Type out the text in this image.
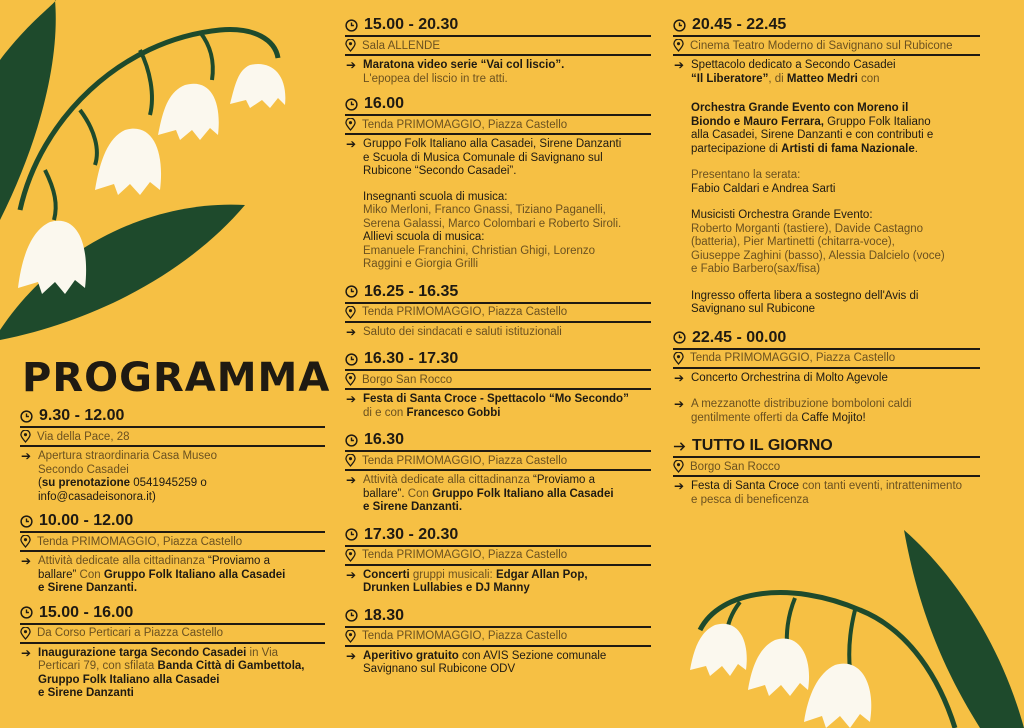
PROGRAMMA
9.30 - 12.00
Via della Pace, 28
➔ Apertura straordinaria Casa Museo
Secondo Casadei
(su prenotazione 0541945259 o
info@casadeisonora.it)
10.00 - 12.00
Tenda PRIMOMAGGIO, Piazza Castello
➔ Attività dedicate alla cittadinanza “Proviamo a
ballare” Con Gruppo Folk Italiano alla Casadei
e Sirene Danzanti.
15.00 - 16.00
Da Corso Perticari a Piazza Castello
➔ Inaugurazione targa Secondo Casadei in Via
Perticari 79, con sfilata Banda Città di Gambettola,
Gruppo Folk Italiano alla Casadei
e Sirene Danzanti
15.00 - 20.30
Sala ALLENDE
➔ Maratona video serie “Vai col liscio”.
L'epopea del liscio in tre atti.
16.00
Tenda PRIMOMAGGIO, Piazza Castello
➔ Gruppo Folk Italiano alla Casadei, Sirene Danzanti
e Scuola di Musica Comunale di Savignano sul
Rubicone “Secondo Casadei”.
Insegnanti scuola di musica:
Miko Merloni, Franco Gnassi, Tiziano Paganelli,
Serena Galassi, Marco Colombari e Roberto Siroli.
Allievi scuola di musica:
Emanuele Franchini, Christian Ghigi, Lorenzo
Raggini e Giorgia Grilli
16.25 - 16.35
Tenda PRIMOMAGGIO, Piazza Castello
➔ Saluto dei sindacati e saluti istituzionali
16.30 - 17.30
Borgo San Rocco
➔ Festa di Santa Croce - Spettacolo “Mo Secondo”
di e con Francesco Gobbi
16.30
Tenda PRIMOMAGGIO, Piazza Castello
➔ Attività dedicate alla cittadinanza “Proviamo a
ballare”. Con Gruppo Folk Italiano alla Casadei
e Sirene Danzanti.
17.30 - 20.30
Tenda PRIMOMAGGIO, Piazza Castello
➔ Concerti gruppi musicali: Edgar Allan Pop,
Drunken Lullabies e DJ Manny
18.30
Tenda PRIMOMAGGIO, Piazza Castello
➔ Aperitivo gratuito con AVIS Sezione comunale
Savignano sul Rubicone ODV
20.45 - 22.45
Cinema Teatro Moderno di Savignano sul Rubicone
➔ Spettacolo dedicato a Secondo Casadei
“Il Liberatore”, di Matteo Medri con
Orchestra Grande Evento con Moreno il
Biondo e Mauro Ferrara, Gruppo Folk Italiano
alla Casadei, Sirene Danzanti e con contributi e
partecipazione di Artisti di fama Nazionale.
Presentano la serata:
Fabio Caldari e Andrea Sarti
Musicisti Orchestra Grande Evento:
Roberto Morganti (tastiere), Davide Castagno
(batteria), Pier Martinetti (chitarra-voce),
Giuseppe Zaghini (basso), Alessia Dalcielo (voce)
e Fabio Barbero(sax/fisa)
Ingresso offerta libera a sostegno dell'Avis di
Savignano sul Rubicone
22.45 - 00.00
Tenda PRIMOMAGGIO, Piazza Castello
➔ Concerto Orchestrina di Molto Agevole
➔ A mezzanotte distribuzione bomboloni caldi
gentilmente offerti da Caffe Mojito!
TUTTO IL GIORNO
Borgo San Rocco
➔ Festa di Santa Croce con tanti eventi, intrattenimento
e pesca di beneficenza
